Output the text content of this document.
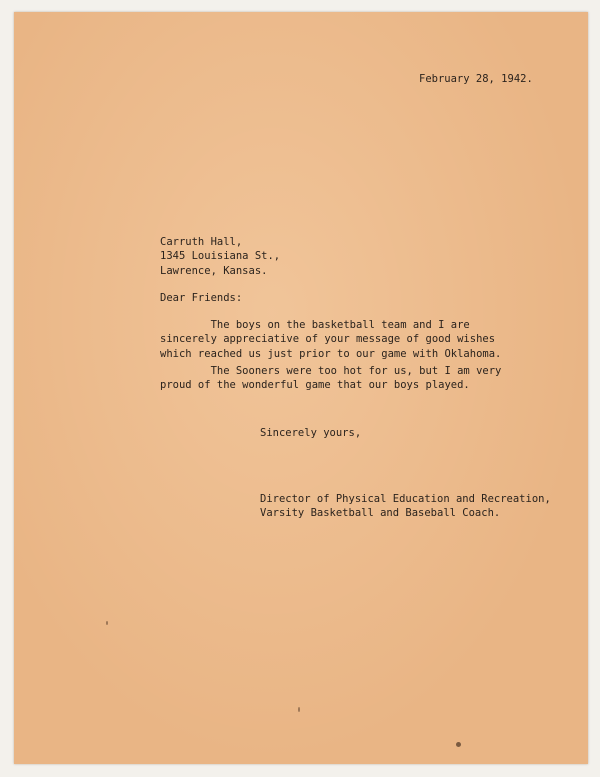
February 28, 1942.
Carruth Hall,
1345 Louisiana St.,
Lawrence, Kansas.
Dear Friends:
The boys on the basketball team and I are
sincerely appreciative of your message of good wishes
which reached us just prior to our game with Oklahoma.
The Sooners were too hot for us, but I am very
proud of the wonderful game that our boys played.
Sincerely yours,
Director of Physical Education and Recreation,
Varsity Basketball and Baseball Coach.
